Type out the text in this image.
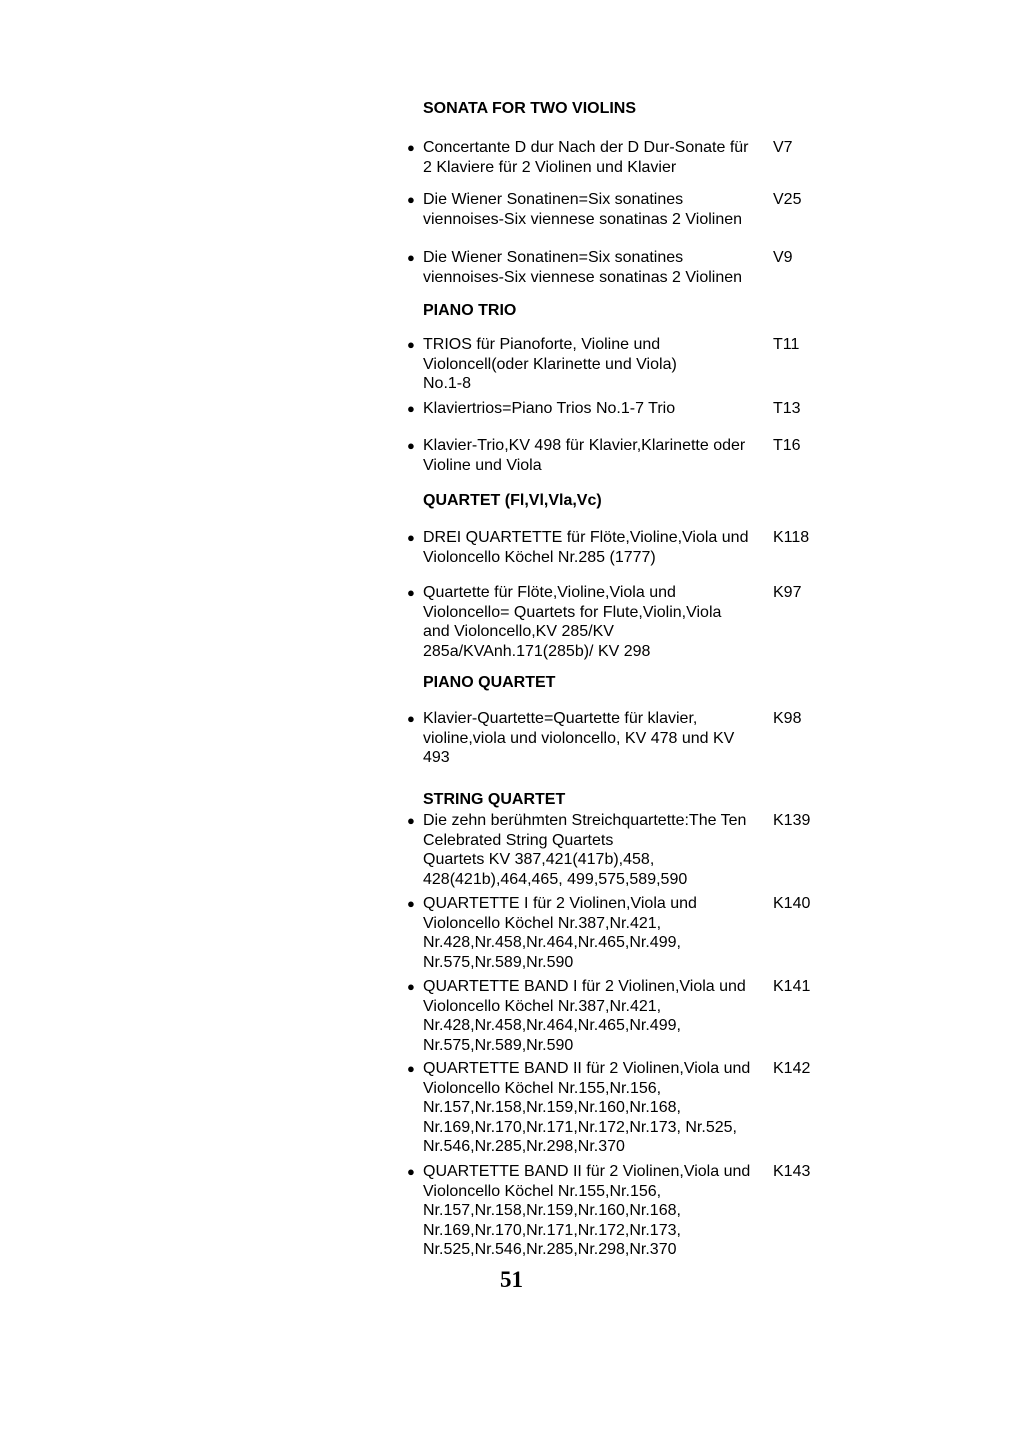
SONATA FOR TWO VIOLINS
● Concertante D dur Nach der D Dur-Sonate für
2 Klaviere für 2 Violinen und Klavier
V7
● Die Wiener Sonatinen=Six sonatines
viennoises-Six viennese sonatinas 2 Violinen
V25
● Die Wiener Sonatinen=Six sonatines
viennoises-Six viennese sonatinas 2 Violinen
V9
PIANO TRIO
● TRIOS für Pianoforte, Violine und
Violoncell(oder Klarinette und Viola)
No.1-8
T11
● Klaviertrios=Piano Trios No.1-7 Trio	T13
● Klavier-Trio,KV 498 für Klavier,Klarinette oder
Violine und Viola
T16
QUARTET (Fl,Vl,Vla,Vc)
● DREI QUARTETTE für Flöte,Violine,Viola und
Violoncello Köchel Nr.285 (1777)
K118
● Quartette für Flöte,Violine,Viola und
Violoncello= Quartets for Flute,Violin,Viola
and Violoncello,KV 285/KV
285a/KVAnh.171(285b)/ KV 298
K97
PIANO QUARTET
● Klavier-Quartette=Quartette für klavier,
violine,viola und violoncello, KV 478 und KV
493
K98
STRING QUARTET
● Die zehn berühmten Streichquartette:The Ten
Celebrated String Quartets
Quartets KV 387,421(417b),458,
428(421b),464,465, 499,575,589,590
K139
● QUARTETTE I für 2 Violinen,Viola und
Violoncello Köchel Nr.387,Nr.421,
Nr.428,Nr.458,Nr.464,Nr.465,Nr.499,
Nr.575,Nr.589,Nr.590
K140
● QUARTETTE BAND I für 2 Violinen,Viola und
Violoncello Köchel Nr.387,Nr.421,
Nr.428,Nr.458,Nr.464,Nr.465,Nr.499,
Nr.575,Nr.589,Nr.590
K141
● QUARTETTE BAND II für 2 Violinen,Viola und
Violoncello Köchel Nr.155,Nr.156,
Nr.157,Nr.158,Nr.159,Nr.160,Nr.168,
Nr.169,Nr.170,Nr.171,Nr.172,Nr.173, Nr.525,
Nr.546,Nr.285,Nr.298,Nr.370
K142
● QUARTETTE BAND II für 2 Violinen,Viola und
Violoncello Köchel Nr.155,Nr.156,
Nr.157,Nr.158,Nr.159,Nr.160,Nr.168,
Nr.169,Nr.170,Nr.171,Nr.172,Nr.173,
Nr.525,Nr.546,Nr.285,Nr.298,Nr.370
K143
51
